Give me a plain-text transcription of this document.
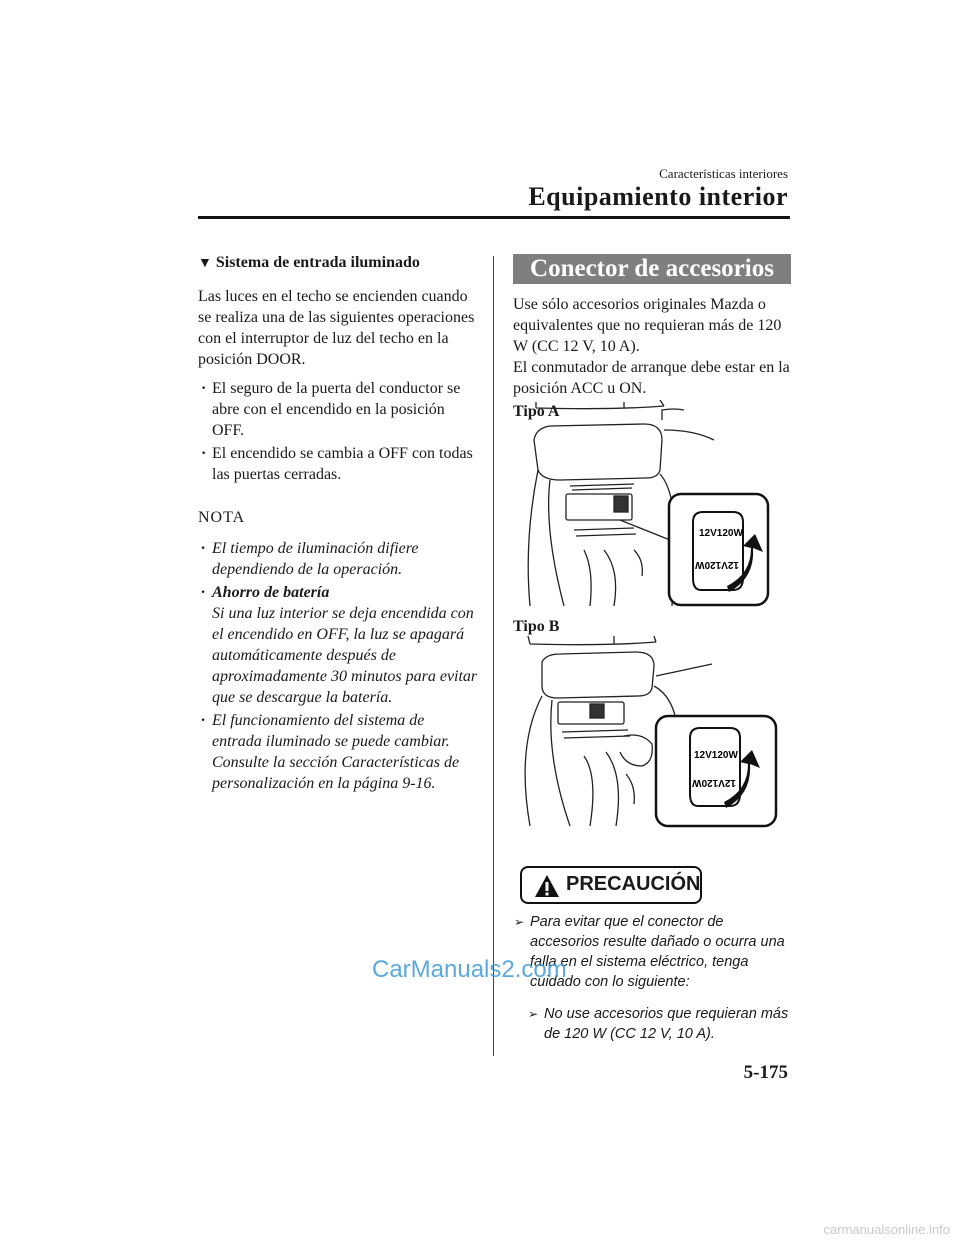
Características interiores
Equipamiento interior
▼ Sistema de entrada iluminado

Las luces en el techo se encienden cuando se realiza una de las siguientes operaciones con el interruptor de luz del techo en la posición DOOR.

· El seguro de la puerta del conductor se abre con el encendido en la posición OFF.
· El encendido se cambia a OFF con todas las puertas cerradas.
NOTA
· El tiempo de iluminación difiere dependiendo de la operación.
· Ahorro de batería
Si una luz interior se deja encendida con el encendido en OFF, la luz se apagará automáticamente después de aproximadamente 30 minutos para evitar que se descargue la batería.
· El funcionamiento del sistema de entrada iluminado se puede cambiar. Consulte la sección Características de personalización en la página 9-16.
Conector de accesorios

Use sólo accesorios originales Mazda o equivalentes que no requieran más de 120 W (CC 12 V, 10 A).

El conmutador de arranque debe estar en la posición ACC u ON.

Tipo A
12V120W
12V120W
Tipo B
12V120W
12V120W
PRECAUCIÓN
➢ Para evitar que el conector de accesorios resulte dañado o ocurra una falla en el sistema eléctrico, tenga cuidado con lo siguiente:
➢ No use accesorios que requieran más de 120 W (CC 12 V, 10 A).
CarManuals2.com
5-175
carmanualsonline.info
